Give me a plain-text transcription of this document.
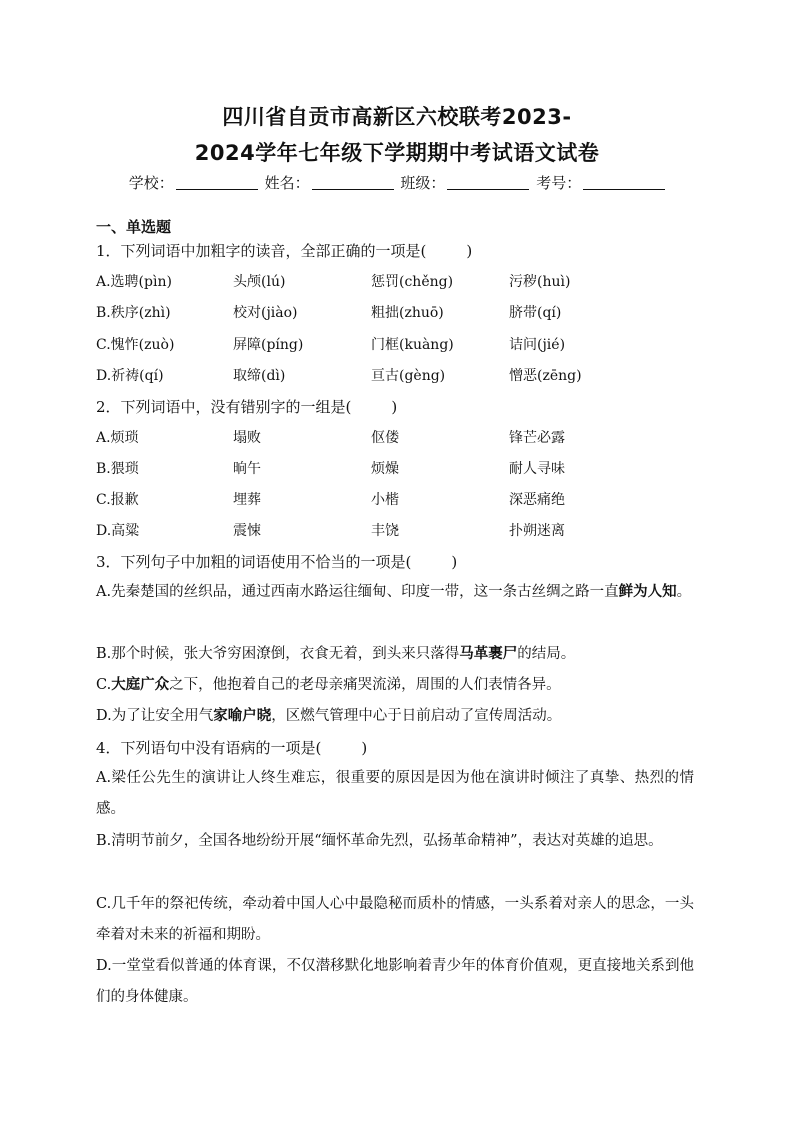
四川省自贡市高新区六校联考2023-
2024学年七年级下学期期中考试语文试卷
学校：	姓名：	班级：	考号：
一、单选题
1．下列词语中加粗字的读音，全部正确的一项是(	)
A.选聘(pìn)	头颅(lú)	惩罚(chěng)	污秽(huì)
B.秩序(zhì)	校对(jiào)	粗拙(zhuō)	脐带(qí)
C.愧怍(zuò)	屏障(píng)	门框(kuàng)	诘问(jié)
D.祈祷(qí)	取缔(dì)	亘古(gèng)	憎恶(zēng)
2．下列词语中，没有错别字的一组是(	)
A.烦琐	塌败	伛偻	锋芒必露
B.猥琐	晌午	烦燥	耐人寻味
C.报歉	埋葬	小楷	深恶痛绝
D.高粱	震悚	丰饶	扑朔迷离
3．下列句子中加粗的词语使用不恰当的一项是(	)
A.先秦楚国的丝织品，通过西南水路运往缅甸、印度一带，这一条古丝绸之路一直鲜为人知。
B.那个时候，张大爷穷困潦倒，衣食无着，到头来只落得马革裹尸的结局。
C.大庭广众之下，他抱着自己的老母亲痛哭流涕，周围的人们表情各异。
D.为了让安全用气家喻户晓，区燃气管理中心于日前启动了宣传周活动。
4．下列语句中没有语病的一项是(	)
A.梁任公先生的演讲让人终生难忘，很重要的原因是因为他在演讲时倾注了真挚、热烈的情感。
B.清明节前夕，全国各地纷纷开展“缅怀革命先烈，弘扬革命精神”，表达对英雄的追思。
C.几千年的祭祀传统，牵动着中国人心中最隐秘而质朴的情感，一头系着对亲人的思念，一头牵着对未来的祈福和期盼。
D.一堂堂看似普通的体育课，不仅潜移默化地影响着青少年的体育价值观，更直接地关系到他们的身体健康。
